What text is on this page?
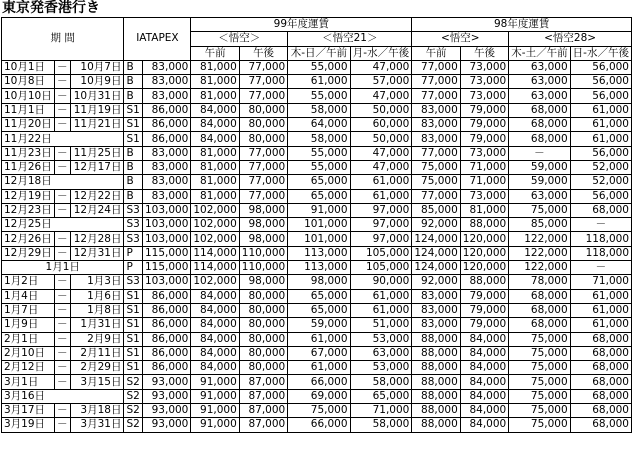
東京発香港行き
期 間			IATAPEX		99年度運賃				98年度運賃			
					＜悟空＞		＜悟空21＞		<悟空>		<悟空28>	
					午前	午後	木-日／午前	月-水／午後	午前	午後	木-土／午前	日-水／午後
10月1日	－	10月7日	B	83,000	81,000	77,000	55,000	47,000	77,000	73,000	63,000	56,000
10月8日	－	10月9日	B	83,000	81,000	77,000	61,000	57,000	77,000	73,000	63,000	56,000
10月10日	－	10月31日	B	83,000	81,000	77,000	55,000	47,000	77,000	73,000	63,000	56,000
11月1日	－	11月19日	S1	86,000	84,000	80,000	58,000	50,000	83,000	79,000	68,000	61,000
11月20日	－	11月21日	S1	86,000	84,000	80,000	64,000	60,000	83,000	79,000	68,000	61,000
11月22日			S1	86,000	84,000	80,000	58,000	50,000	83,000	79,000	68,000	61,000
11月23日	－	11月25日	B	83,000	81,000	77,000	55,000	47,000	77,000	73,000	－	56,000
11月26日	－	12月17日	B	83,000	81,000	77,000	55,000	47,000	75,000	71,000	59,000	52,000
12月18日			B	83,000	81,000	77,000	65,000	61,000	75,000	71,000	59,000	52,000
12月19日	－	12月22日	B	83,000	81,000	77,000	65,000	61,000	77,000	73,000	63,000	56,000
12月23日	－	12月24日	S3	103,000	102,000	98,000	91,000	97,000	85,000	81,000	75,000	68,000
12月25日			S3	103,000	102,000	98,000	101,000	97,000	92,000	88,000	85,000	－
12月26日	－	12月28日	S3	103,000	102,000	98,000	101,000	97,000	124,000	120,000	122,000	118,000
12月29日	－	12月31日	P	115,000	114,000	110,000	113,000	105,000	124,000	120,000	122,000	118,000
1月1日			P	115,000	114,000	110,000	113,000	105,000	124,000	120,000	122,000	－
1月2日	－	1月3日	S3	103,000	102,000	98,000	98,000	90,000	92,000	88,000	78,000	71,000
1月4日	－	1月6日	S1	86,000	84,000	80,000	65,000	61,000	83,000	79,000	68,000	61,000
1月7日	－	1月8日	S1	86,000	84,000	80,000	65,000	61,000	83,000	79,000	68,000	61,000
1月9日	－	1月31日	S1	86,000	84,000	80,000	59,000	51,000	83,000	79,000	68,000	61,000
2月1日	－	2月9日	S1	86,000	84,000	80,000	61,000	53,000	88,000	84,000	75,000	68,000
2月10日	－	2月11日	S1	86,000	84,000	80,000	67,000	63,000	88,000	84,000	75,000	68,000
2月12日	－	2月29日	S1	86,000	84,000	80,000	61,000	53,000	88,000	84,000	75,000	68,000
3月1日	－	3月15日	S2	93,000	91,000	87,000	66,000	58,000	88,000	84,000	75,000	68,000
3月16日			S2	93,000	91,000	87,000	69,000	65,000	88,000	84,000	75,000	68,000
3月17日	－	3月18日	S2	93,000	91,000	87,000	75,000	71,000	88,000	84,000	75,000	68,000
3月19日	－	3月31日	S2	93,000	91,000	87,000	66,000	58,000	88,000	84,000	75,000	68,000
